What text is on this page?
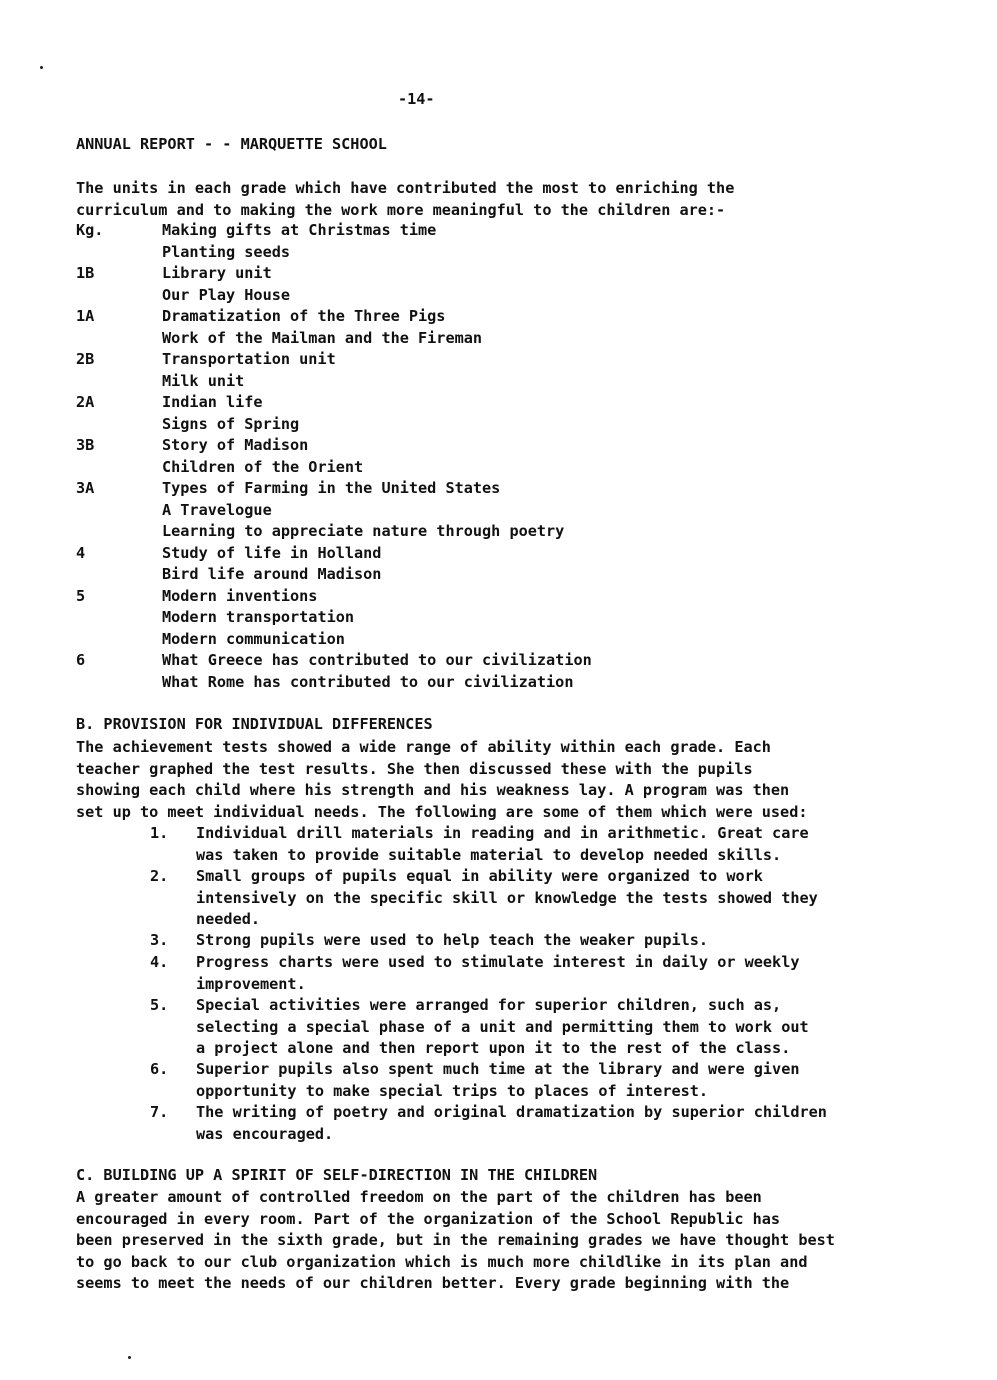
-14-
ANNUAL REPORT - - MARQUETTE SCHOOL
The units in each grade which have contributed the most to enriching the
curriculum and to making the work more meaningful to the children are:-
Kg.	Making gifts at Christmas time
Planting seeds
1B	Library unit
Our Play House
1A	Dramatization of the Three Pigs
Work of the Mailman and the Fireman
2B	Transportation unit
Milk unit
2A	Indian life
Signs of Spring
3B	Story of Madison
Children of the Orient
3A	Types of Farming in the United States
A Travelogue
Learning to appreciate nature through poetry
4	Study of life in Holland
Bird life around Madison
5	Modern inventions
Modern transportation
Modern communication
6	What Greece has contributed to our civilization
What Rome has contributed to our civilization
B. PROVISION FOR INDIVIDUAL DIFFERENCES
The achievement tests showed a wide range of ability within each grade. Each
teacher graphed the test results. She then discussed these with the pupils
showing each child where his strength and his weakness lay. A program was then
set up to meet individual needs. The following are some of them which were used:
1.	Individual drill materials in reading and in arithmetic. Great care
was taken to provide suitable material to develop needed skills.
2.	Small groups of pupils equal in ability were organized to work
intensively on the specific skill or knowledge the tests showed they
needed.
3.	Strong pupils were used to help teach the weaker pupils.
4.	Progress charts were used to stimulate interest in daily or weekly
improvement.
5.	Special activities were arranged for superior children, such as,
selecting a special phase of a unit and permitting them to work out
a project alone and then report upon it to the rest of the class.
6.	Superior pupils also spent much time at the library and were given
opportunity to make special trips to places of interest.
7.	The writing of poetry and original dramatization by superior children
was encouraged.
C. BUILDING UP A SPIRIT OF SELF-DIRECTION IN THE CHILDREN
A greater amount of controlled freedom on the part of the children has been
encouraged in every room. Part of the organization of the School Republic has
been preserved in the sixth grade, but in the remaining grades we have thought best
to go back to our club organization which is much more childlike in its plan and
seems to meet the needs of our children better. Every grade beginning with the
